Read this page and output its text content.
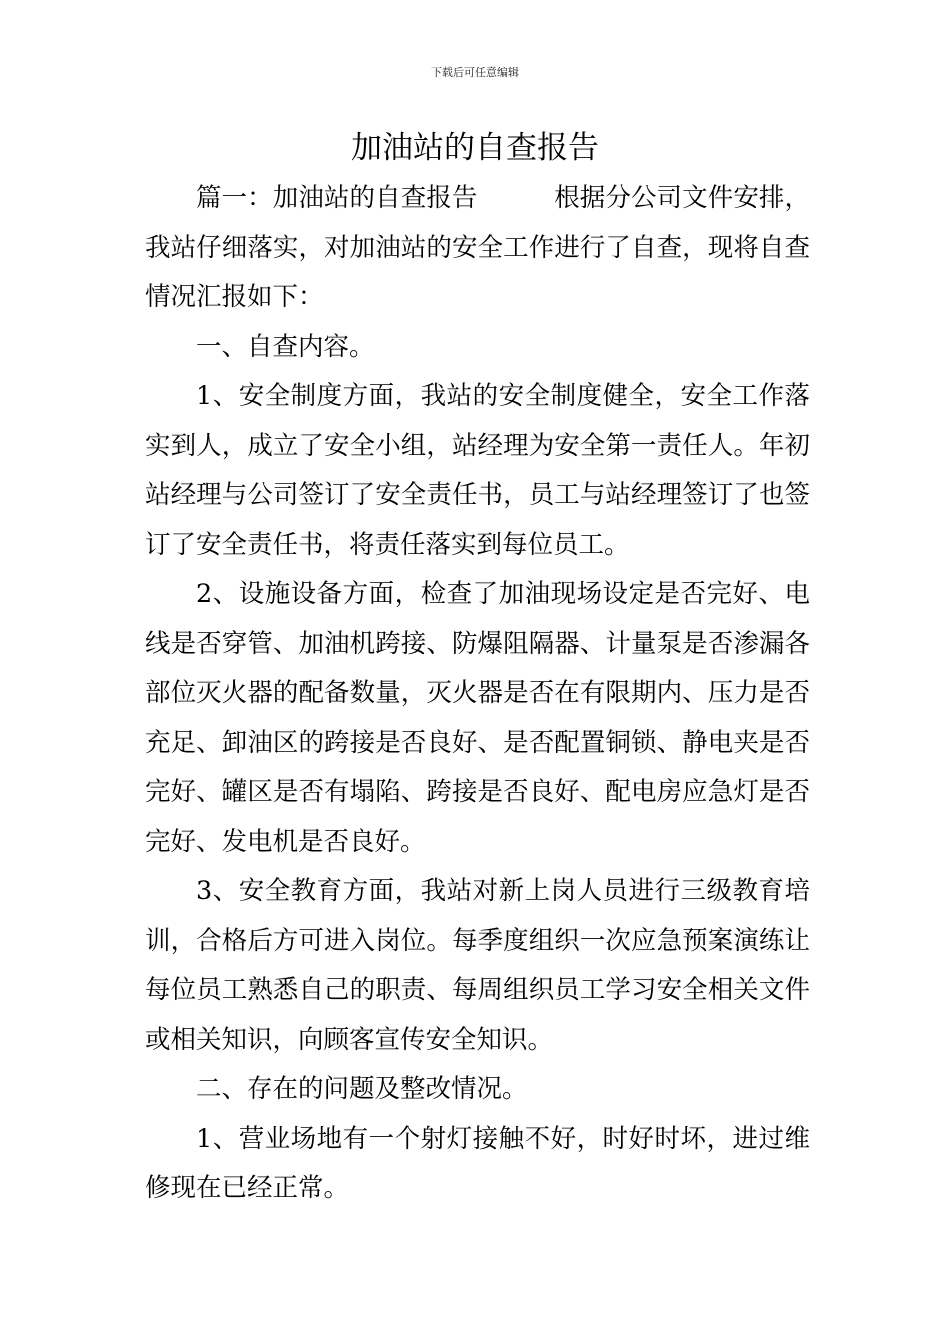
下载后可任意编辑
加油站的自查报告

篇一：加油站的自查报告　　　根据分公司文件安排，我站仔细落实，对加油站的安全工作进行了自查，现将自查情况汇报如下：

一、自查内容。

1、安全制度方面，我站的安全制度健全，安全工作落实到人，成立了安全小组，站经理为安全第一责任人。年初站经理与公司签订了安全责任书，员工与站经理签订了也签订了安全责任书，将责任落实到每位员工。

2、设施设备方面，检查了加油现场设定是否完好、电线是否穿管、加油机跨接、防爆阻隔器、计量泵是否渗漏各部位灭火器的配备数量，灭火器是否在有限期内、压力是否充足、卸油区的跨接是否良好、是否配置铜锁、静电夹是否完好、罐区是否有塌陷、跨接是否良好、配电房应急灯是否完好、发电机是否良好。

3、安全教育方面，我站对新上岗人员进行三级教育培训，合格后方可进入岗位。每季度组织一次应急预案演练让每位员工熟悉自己的职责、每周组织员工学习安全相关文件或相关知识，向顾客宣传安全知识。

二、存在的问题及整改情况。

1、营业场地有一个射灯接触不好，时好时坏，进过维修现在已经正常。
